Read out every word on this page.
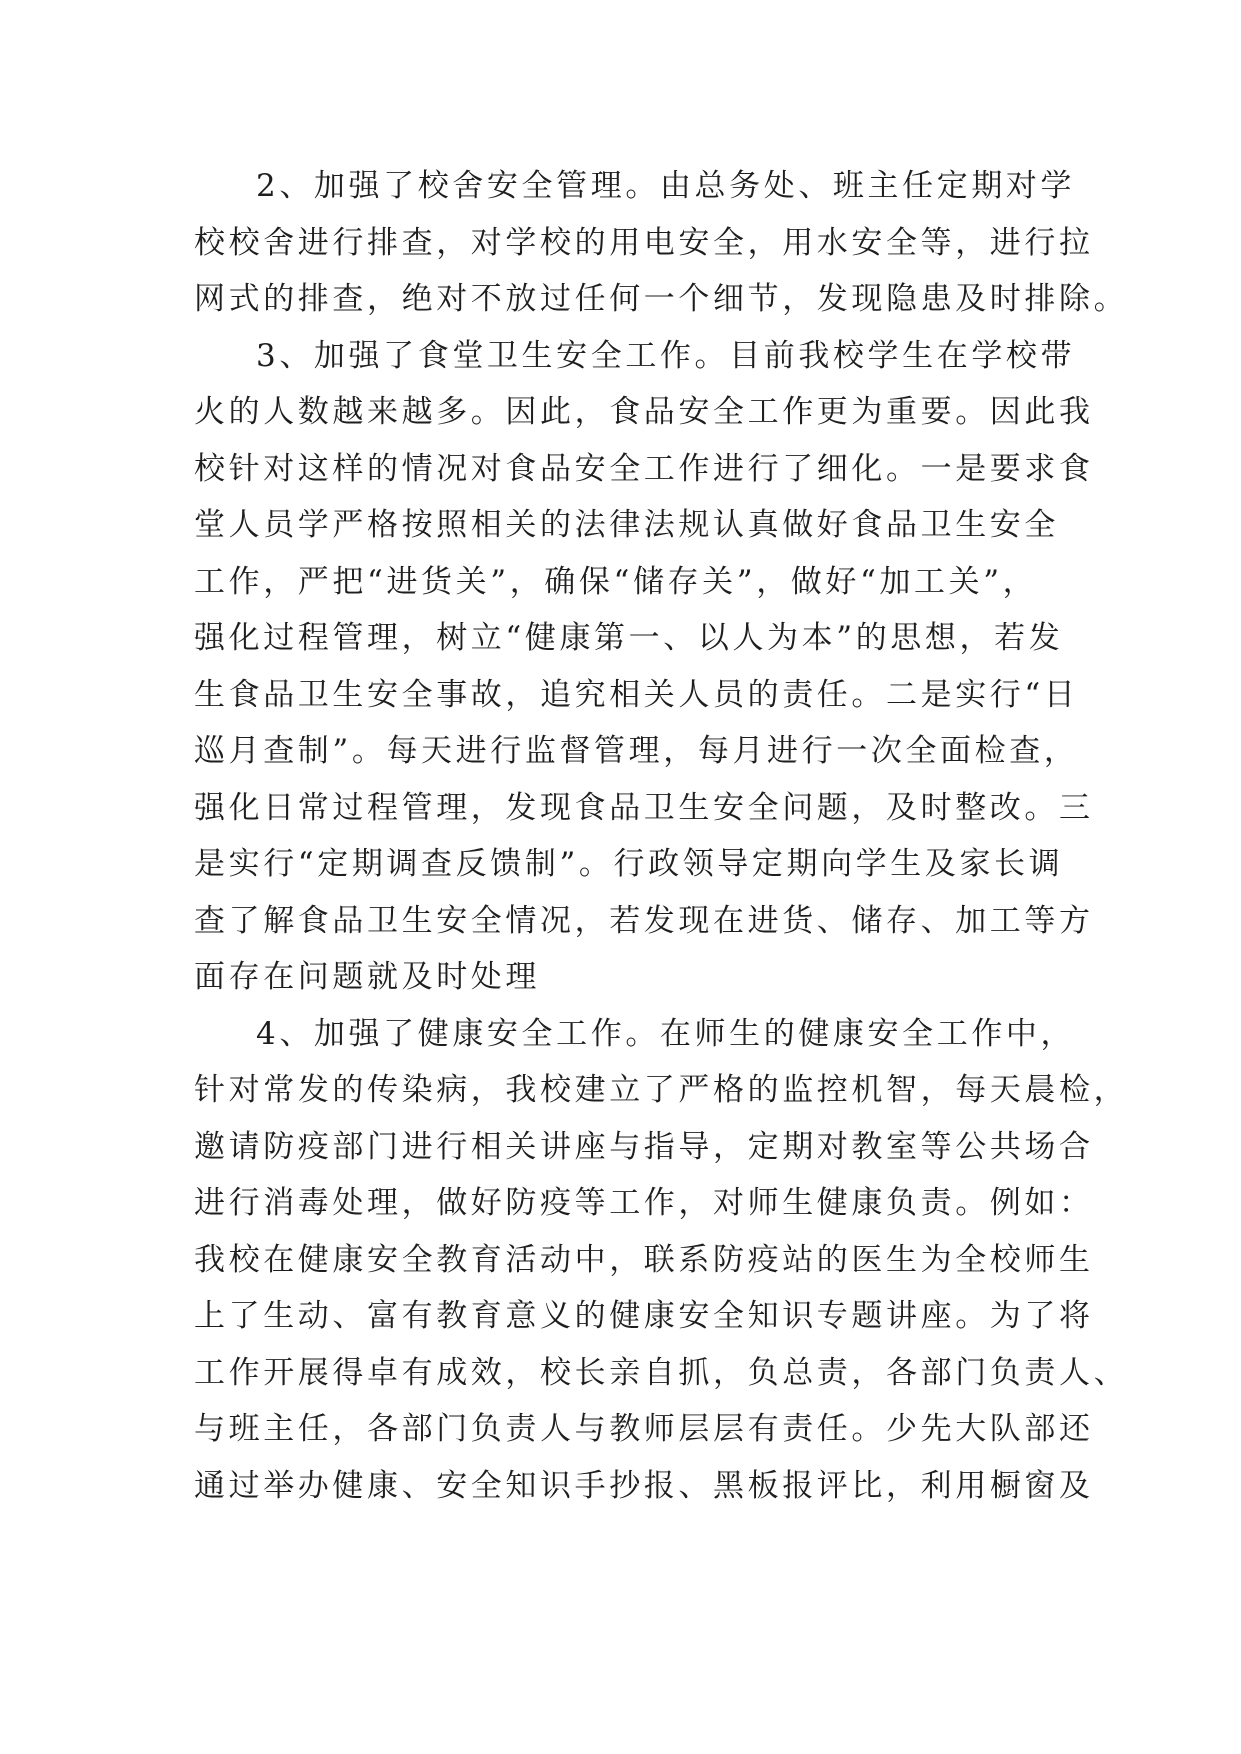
2、加强了校舍安全管理。由总务处、班主任定期对学
校校舍进行排查，对学校的用电安全，用水安全等，进行拉
网式的排查，绝对不放过任何一个细节，发现隐患及时排除。
3、加强了食堂卫生安全工作。目前我校学生在学校带
火的人数越来越多。因此，食品安全工作更为重要。因此我
校针对这样的情况对食品安全工作进行了细化。一是要求食
堂人员学严格按照相关的法律法规认真做好食品卫生安全
工作，严把“进货关”，确保“储存关”，做好“加工关”，
强化过程管理，树立“健康第一、以人为本”的思想，若发
生食品卫生安全事故，追究相关人员的责任。二是实行“日
巡月查制”。每天进行监督管理，每月进行一次全面检查，
强化日常过程管理，发现食品卫生安全问题，及时整改。三
是实行“定期调查反馈制”。行政领导定期向学生及家长调
查了解食品卫生安全情况，若发现在进货、储存、加工等方
面存在问题就及时处理
4、加强了健康安全工作。在师生的健康安全工作中，
针对常发的传染病，我校建立了严格的监控机智，每天晨检，
邀请防疫部门进行相关讲座与指导，定期对教室等公共场合
进行消毒处理，做好防疫等工作，对师生健康负责。例如：
我校在健康安全教育活动中，联系防疫站的医生为全校师生
上了生动、富有教育意义的健康安全知识专题讲座。为了将
工作开展得卓有成效，校长亲自抓，负总责，各部门负责人、
与班主任，各部门负责人与教师层层有责任。少先大队部还
通过举办健康、安全知识手抄报、黑板报评比，利用橱窗及
